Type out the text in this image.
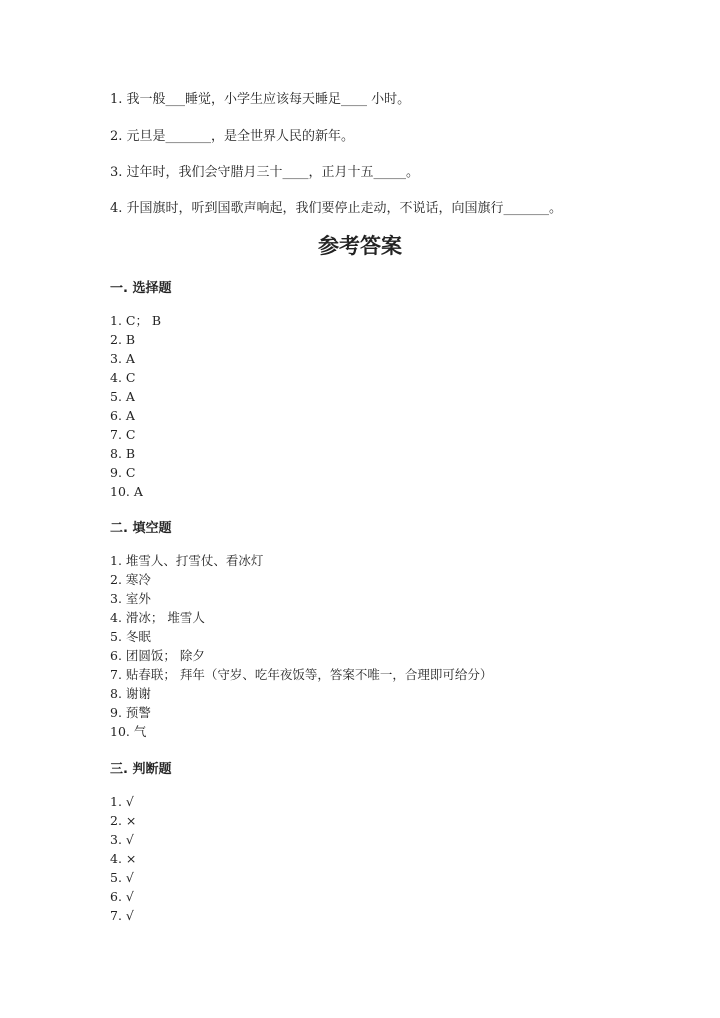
1. 我一般___睡觉，小学生应该每天睡足____ 小时。
2. 元旦是_______，是全世界人民的新年。
3. 过年时，我们会守腊月三十____，正月十五_____。
4. 升国旗时，听到国歌声响起，我们要停止走动，不说话，向国旗行_______。
参考答案
一. 选择题
1. C； B
2. B
3. A
4. C
5. A
6. A
7. C
8. B
9. C
10. A
二. 填空题
1. 堆雪人、打雪仗、看冰灯
2. 寒冷
3. 室外
4. 滑冰； 堆雪人
5. 冬眠
6. 团圆饭； 除夕
7. 贴春联； 拜年（守岁、吃年夜饭等，答案不唯一，合理即可给分）
8. 谢谢
9. 预警
10. 气
三. 判断题
1. √
2. ×
3. √
4. ×
5. √
6. √
7. √
